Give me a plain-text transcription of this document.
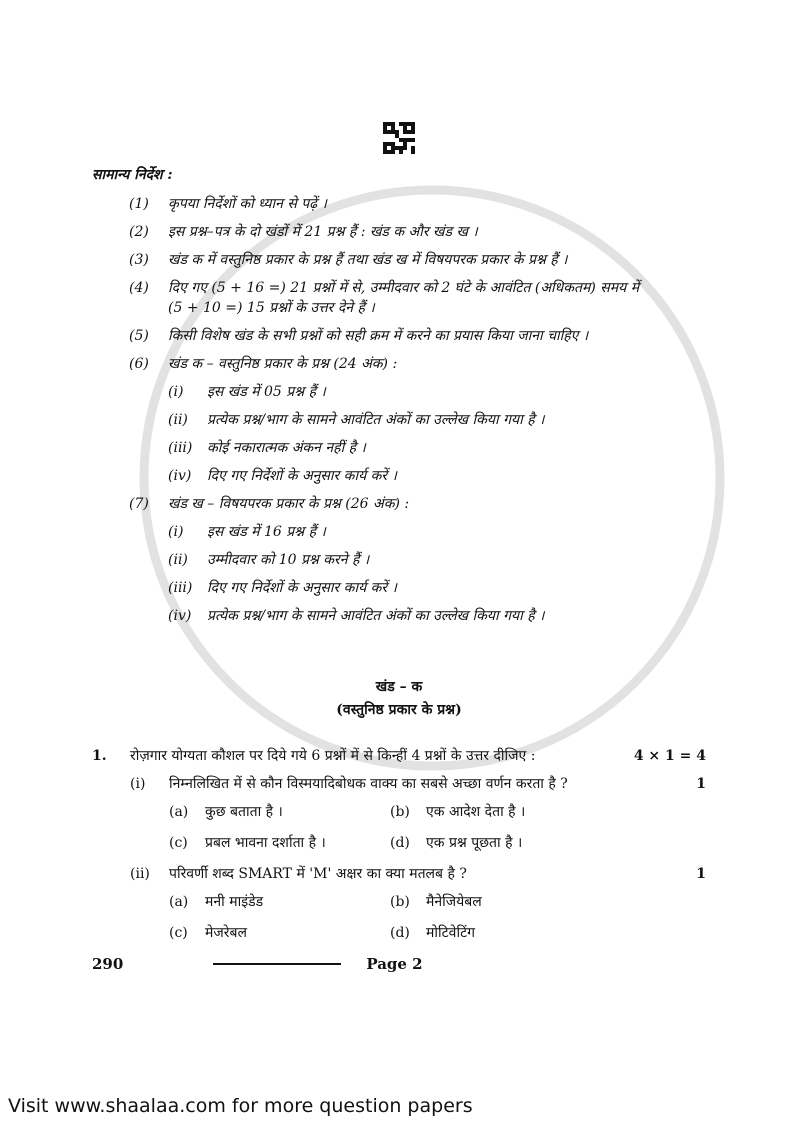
सामान्य निर्देश :
(1)	कृपया निर्देशों को ध्यान से पढ़ें ।
(2)	इस प्रश्न–पत्र के दो खंडों में 21 प्रश्न हैं : खंड क और खंड ख ।
(3)	खंड क में वस्तुनिष्ठ प्रकार के प्रश्न हैं तथा खंड ख में विषयपरक प्रकार के प्रश्न हैं ।
(4)	दिए गए (5 + 16 =) 21 प्रश्नों में से, उम्मीदवार को 2 घंटे के आवंटित (अधिकतम) समय में
(5 + 10 =) 15 प्रश्नों के उत्तर देने हैं ।
(5)	किसी विशेष खंड के सभी प्रश्नों को सही क्रम में करने का प्रयास किया जाना चाहिए ।
(6)	खंड क – वस्तुनिष्ठ प्रकार के प्रश्न (24 अंक) :
(i)	इस खंड में 05 प्रश्न हैं ।
(ii)	प्रत्येक प्रश्न/भाग के सामने आवंटित अंकों का उल्लेख किया गया है ।
(iii)	कोई नकारात्मक अंकन नहीं है ।
(iv)	दिए गए निर्देशों के अनुसार कार्य करें ।
(7)	खंड ख – विषयपरक प्रकार के प्रश्न (26 अंक) :
(i)	इस खंड में 16 प्रश्न हैं ।
(ii)	उम्मीदवार को 10 प्रश्न करने हैं ।
(iii)	दिए गए निर्देशों के अनुसार कार्य करें ।
(iv)	प्रत्येक प्रश्न/भाग के सामने आवंटित अंकों का उल्लेख किया गया है ।
खंड – क
(वस्तुनिष्ठ प्रकार के प्रश्न)
1.	रोज़गार योग्यता कौशल पर दिये गये 6 प्रश्नों में से किन्हीं 4 प्रश्नों के उत्तर दीजिए :	4 × 1 = 4
(i)	निम्नलिखित में से कौन विस्मयादिबोधक वाक्य का सबसे अच्छा वर्णन करता है ?	1
(a)	कुछ बताता है ।	(b)	एक आदेश देता है ।
(c)	प्रबल भावना दर्शाता है ।	(d)	एक प्रश्न पूछता है ।
(ii)	परिवर्णी शब्द SMART में 'M' अक्षर का क्या मतलब है ?	1
(a)	मनी माइंडेड	(b)	मैनेजियेबल
(c)	मेजरेबल	(d)	मोटिवेटिंग
290	Page 2
Visit www.shaalaa.com for more question papers
